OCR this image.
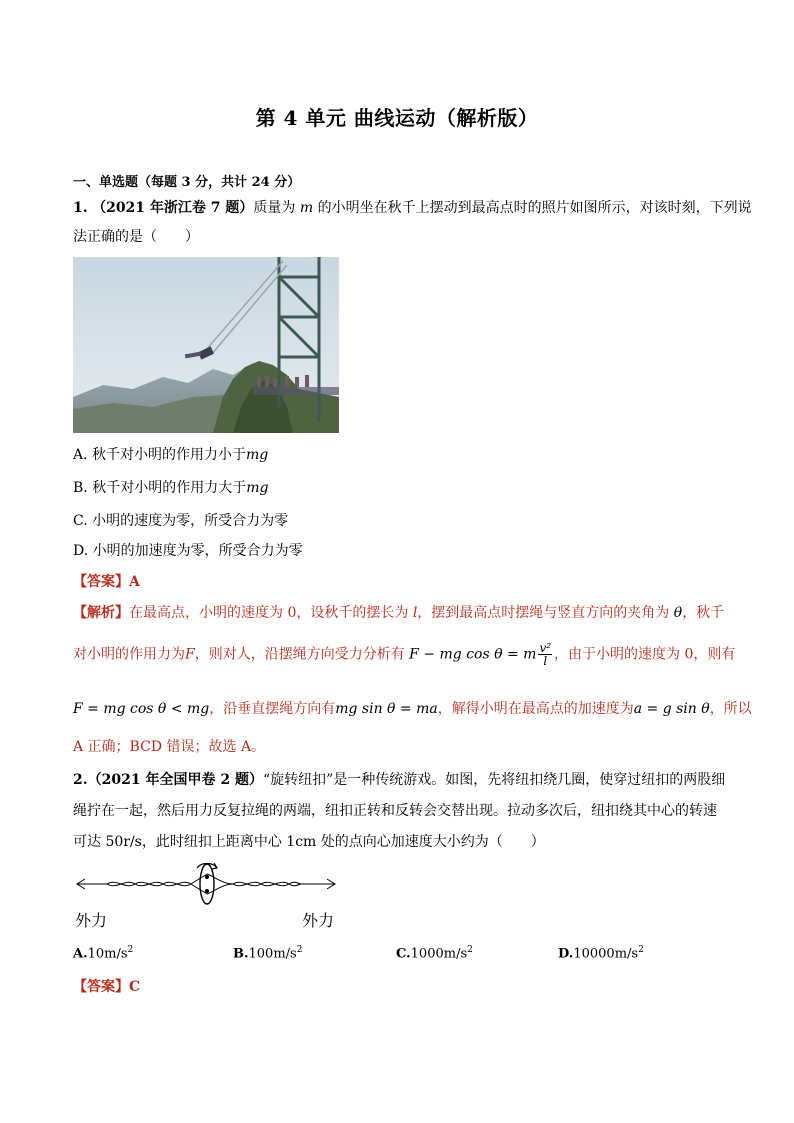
第 4 单元 曲线运动（解析版）
一、单选题（每题 3 分，共计 24 分）
1. （2021 年浙江卷 7 题）质量为 m 的小明坐在秋千上摆动到最高点时的照片如图所示，对该时刻，下列说
法正确的是（　　）
A. 秋千对小明的作用力小于mg
B. 秋千对小明的作用力大于mg
C. 小明的速度为零，所受合力为零
D. 小明的加速度为零，所受合力为零
【答案】A
【解析】在最高点，小明的速度为 0，设秋千的摆长为 l，摆到最高点时摆绳与竖直方向的夹角为 θ，秋千
对小明的作用力为F，则对人，沿摆绳方向受力分析有 F − mg cos θ = m $\frac{\text{v²}}{l}$ ，由于小明的速度为 0，则有
F = mg cos θ < mg，沿垂直摆绳方向有mg sin θ = ma，解得小明在最高点的加速度为a = g sin θ，所以
A 正确；BCD 错误；故选 A。
2.（2021 年全国甲卷 2 题）“旋转纽扣”是一种传统游戏。如图，先将纽扣绕几圈，使穿过纽扣的两股细
绳拧在一起，然后用力反复拉绳的两端，纽扣正转和反转会交替出现。拉动多次后，纽扣绕其中心的转速
可达 50r/s，此时纽扣上距离中心 1cm 处的点向心加速度大小约为（　　）
外力	外力
$A.10m/s^2$	$B.100m/s^2$	$C.1000m/s^2$	$D.10000m/s^2$
【答案】C
